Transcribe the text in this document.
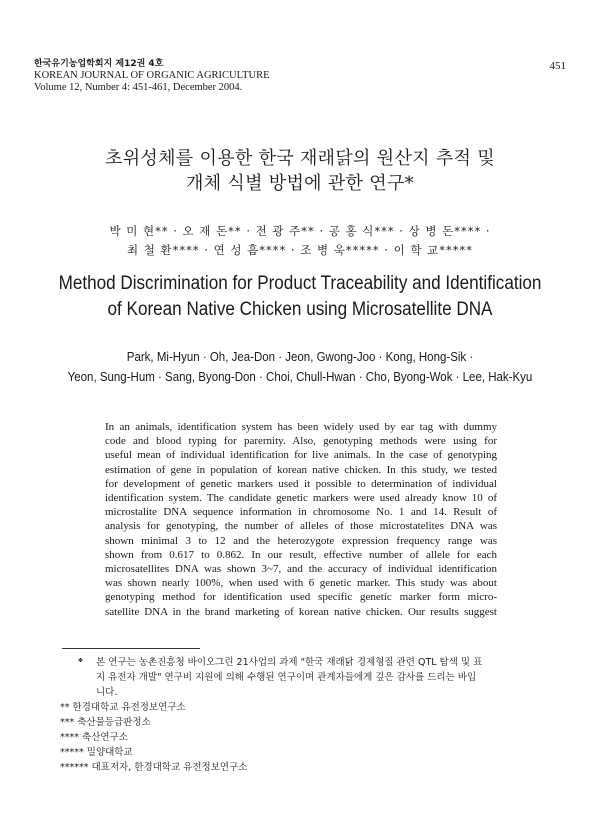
한국유기농업학회지 제12권 4호
KOREAN JOURNAL OF ORGANIC AGRICULTURE
Volume 12, Number 4: 451-461, December 2004.
451
초위성체를 이용한 한국 재래닭의 원산지 추적 및
개체 식별 방법에 관한 연구*
박 미 현** · 오 재 돈** · 전 광 주** · 공 홍 식*** · 상 병 돈**** ·
최 철 환**** · 연 성 흠**** · 조 병 욱***** · 이 학 교*****
Method Discrimination for Product Traceability and Identification
of Korean Native Chicken using Microsatellite DNA
Park, Mi-Hyun · Oh, Jea-Don · Jeon, Gwong-Joo · Kong, Hong-Sik ·
Yeon, Sung-Hum · Sang, Byong-Don · Choi, Chull-Hwan · Cho, Byong-Wok · Lee, Hak-Kyu
In an animals, identification system has been widely used by ear tag with dummy
code and blood typing for parernity. Also, genotyping methods were using for
useful mean of individual identification for live animals. In the case of genotyping
estimation of gene in population of korean native chicken. In this study, we tested
for development of genetic markers used it possible to determination of individual
identification system. The candidate genetic markers were used already know 10 of
microstalite DNA sequence information in chromosome No. 1 and 14. Result of
analysis for genotyping, the number of alleles of those microstatelites DNA was
shown minimal 3 to 12 and the heterozygote expression frequency range was
shown from 0.617 to 0.862. In our result, effective number of allele for each
microsatellites DNA was shown 3~7, and the accuracy of individual identification
was shown nearly 100%, when used with 6 genetic marker. This study was about
genotyping method for identification used specific genetic marker form micro-
satellite DNA in the brand marketing of korean native chicken. Our results suggest
*	본 연구는 농촌진흥청 바이오그린 21사업의 과제 "한국 재래닭 경제형질 관련 QTL 탐색 및 표
지 유전자 개발" 연구비 지원에 의해 수행된 연구이며 관계자들에게 깊은 감사를 드리는 바입
니다.
** 한경대학교 유전정보연구소
*** 축산물등급판정소
**** 축산연구소
***** 밀양대학교
****** 대표저자, 한경대학교 유전정보연구소
